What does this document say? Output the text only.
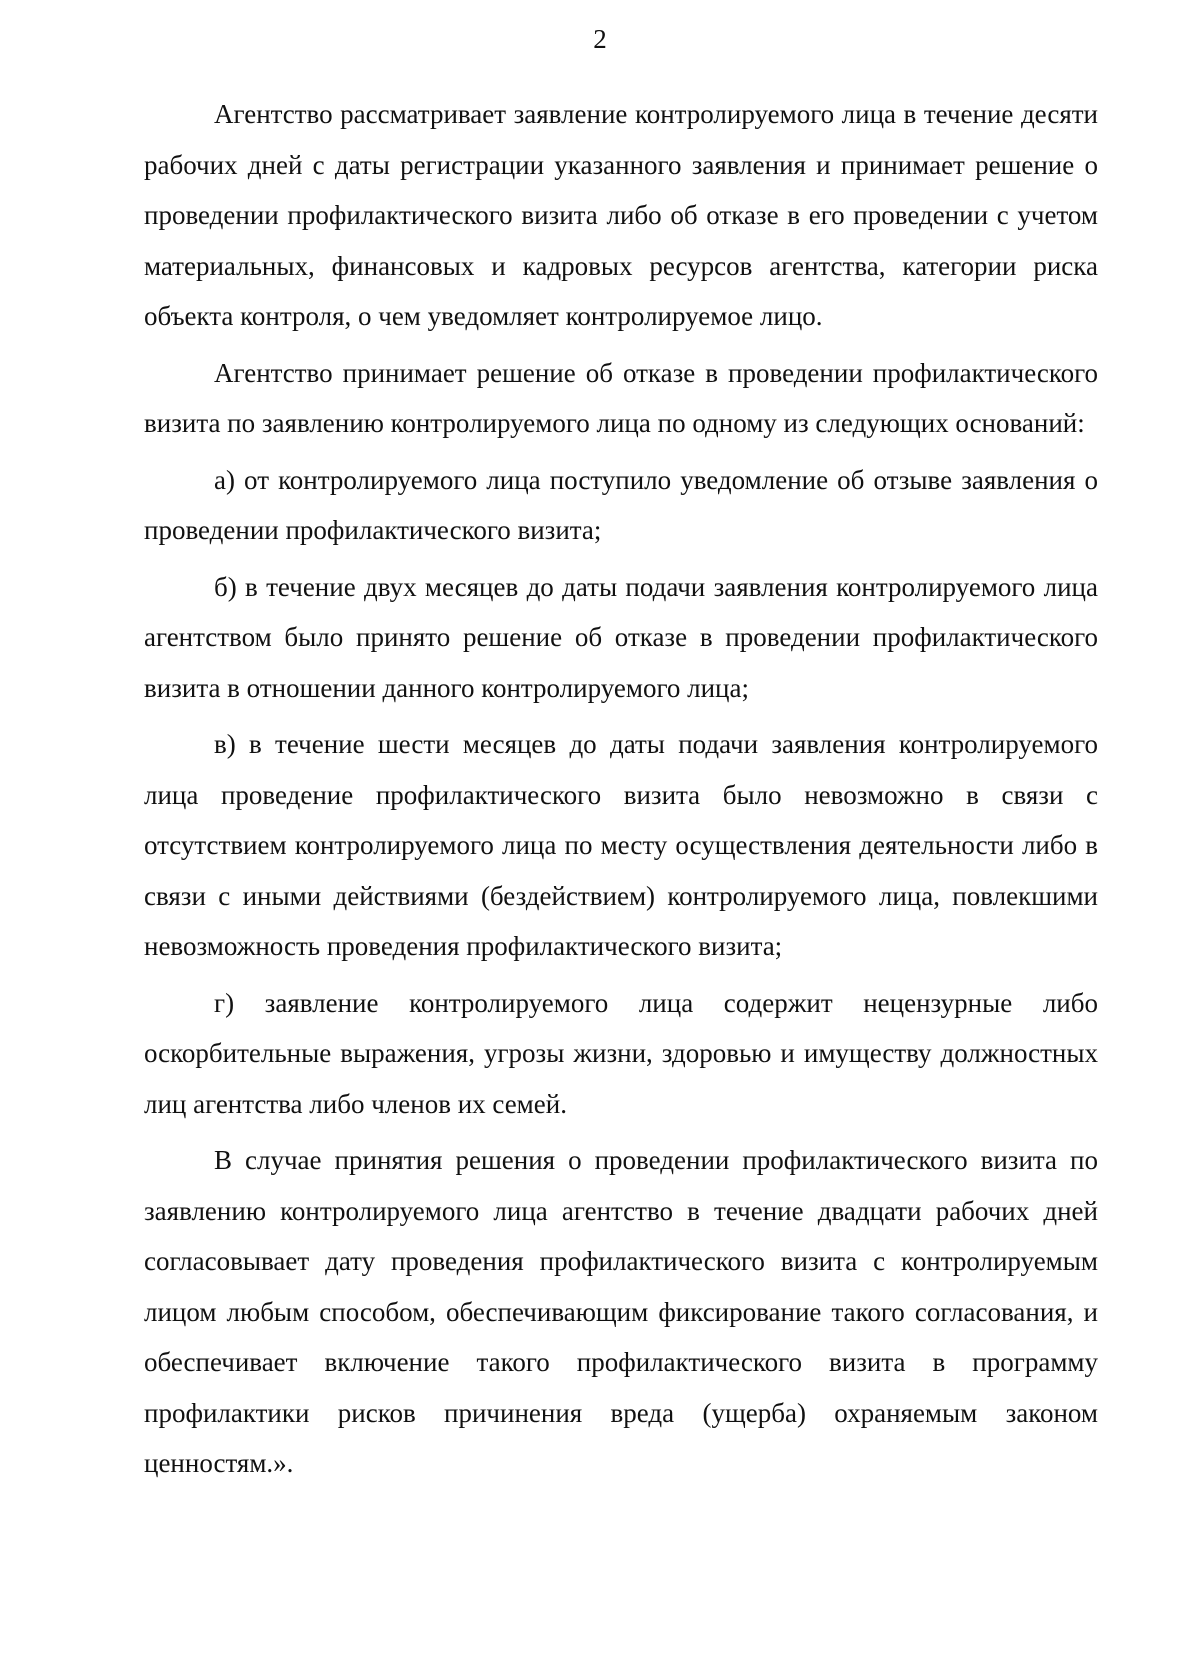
2

Агентство рассматривает заявление контролируемого лица в течение десяти рабочих дней с даты регистрации указанного заявления и принимает решение о проведении профилактического визита либо об отказе в его проведении с учетом материальных, финансовых и кадровых ресурсов агентства, категории риска объекта контроля, о чем уведомляет контролируемое лицо.

Агентство принимает решение об отказе в проведении профилактического визита по заявлению контролируемого лица по одному из следующих оснований:

а) от контролируемого лица поступило уведомление об отзыве заявления о проведении профилактического визита;

б) в течение двух месяцев до даты подачи заявления контролируемого лица агентством было принято решение об отказе в проведении профилактического визита в отношении данного контролируемого лица;

в) в течение шести месяцев до даты подачи заявления контролируемого лица проведение профилактического визита было невозможно в связи с отсутствием контролируемого лица по месту осуществления деятельности либо в связи с иными действиями (бездействием) контролируемого лица, повлекшими невозможность проведения профилактического визита;

г) заявление контролируемого лица содержит нецензурные либо оскорбительные выражения, угрозы жизни, здоровью и имуществу должностных лиц агентства либо членов их семей.

В случае принятия решения о проведении профилактического визита по заявлению контролируемого лица агентство в течение двадцати рабочих дней согласовывает дату проведения профилактического визита с контролируемым лицом любым способом, обеспечивающим фиксирование такого согласования, и обеспечивает включение такого профилактического визита в программу профилактики рисков причинения вреда (ущерба) охраняемым законом ценностям.».
